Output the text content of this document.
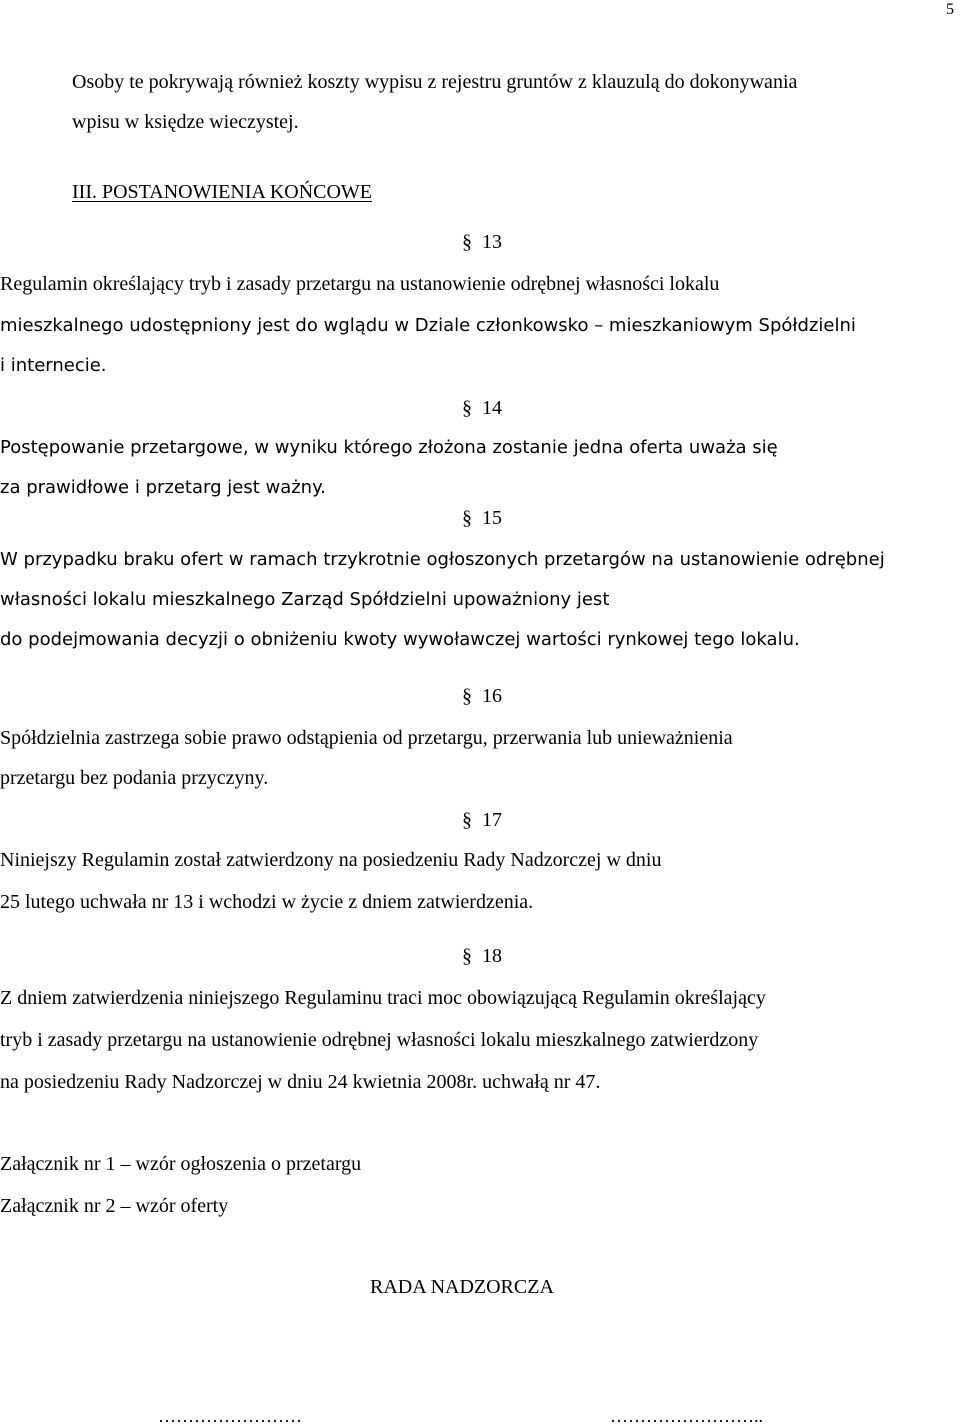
5

Osoby te pokrywają również koszty wypisu z rejestru gruntów z klauzulą do dokonywania

wpisu w księdze wieczystej.

III. POSTANOWIENIA KOŃCOWE

§ 13

Regulamin określający tryb i zasady przetargu na ustanowienie odrębnej własności lokalu

mieszkalnego udostępniony jest do wglądu w Dziale członkowsko – mieszkaniowym Spółdzielni

i internecie.

§ 14

Postępowanie przetargowe, w wyniku którego złożona zostanie jedna oferta uważa się

za prawidłowe i przetarg jest ważny.

§ 15

W przypadku braku ofert w ramach trzykrotnie ogłoszonych przetargów na ustanowienie odrębnej

własności lokalu mieszkalnego Zarząd Spółdzielni upoważniony jest

do podejmowania decyzji o obniżeniu kwoty wywoławczej wartości rynkowej tego lokalu.

§ 16

Spółdzielnia zastrzega sobie prawo odstąpienia od przetargu, przerwania lub unieważnienia

przetargu bez podania przyczyny.

§ 17

Niniejszy Regulamin został zatwierdzony na posiedzeniu Rady Nadzorczej w dniu

25 lutego uchwała nr 13 i wchodzi w życie z dniem zatwierdzenia.

§ 18

Z dniem zatwierdzenia niniejszego Regulaminu traci moc obowiązującą Regulamin określający

tryb i zasady przetargu na ustanowienie odrębnej własności lokalu mieszkalnego zatwierdzony

na posiedzeniu Rady Nadzorczej w dniu 24 kwietnia 2008r. uchwałą nr 47.

Załącznik nr 1 – wzór ogłoszenia o przetargu

Załącznik nr 2 – wzór oferty

RADA NADZORCZA

……………………	……………………..
